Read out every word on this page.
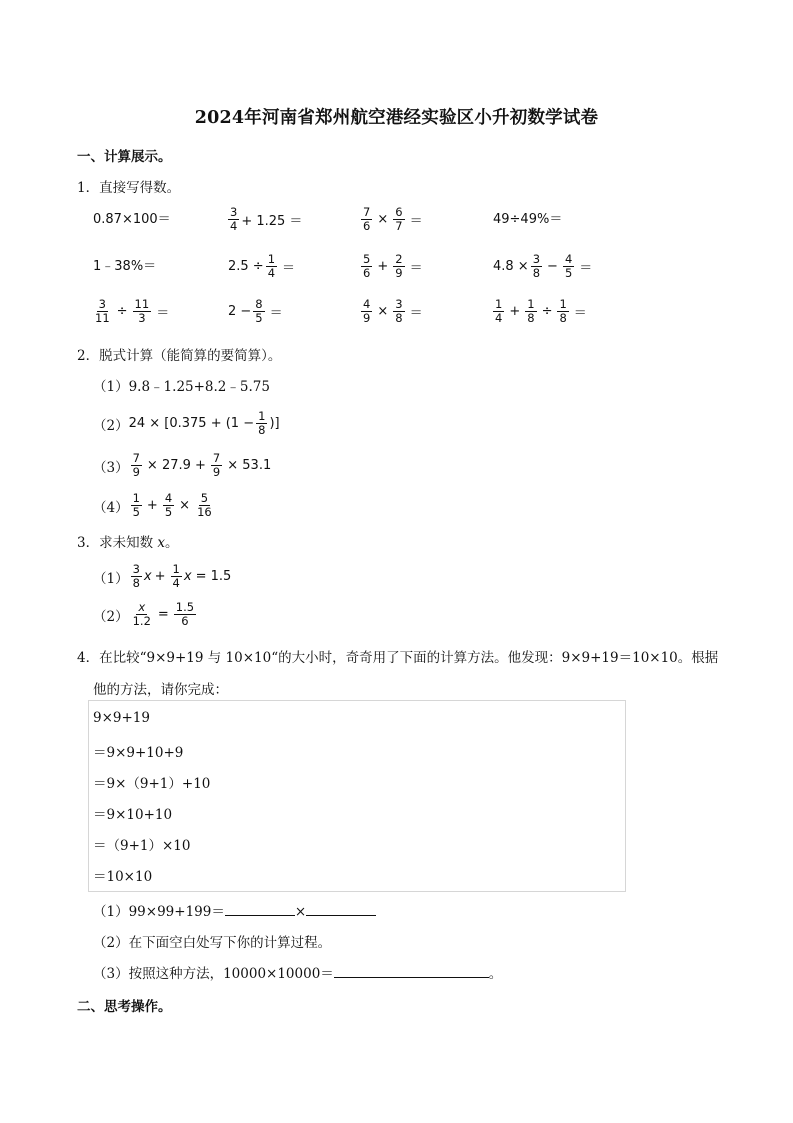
2024年河南省郑州航空港经实验区小升初数学试卷
一、计算展示。
1．直接写得数。
0.87×100＝	$\frac{3}{4} + 1.25$ ＝	$\frac{7}{6} \times \frac{6}{7}$ ＝	49÷49%＝
1﹣38%＝	$2.5 \div \frac{1}{4}$ ＝	$\frac{5}{6} + \frac{2}{9}$ ＝	$4.8 \times \frac{3}{8} - \frac{4}{5}$ ＝
$\frac{3}{11} \div \frac{11}{3}$ ＝	$2 - \frac{8}{5}$ ＝	$\frac{4}{9} \times \frac{3}{8}$ ＝	$\frac{1}{4} + \frac{1}{8} \div \frac{1}{8}$ ＝
2．脱式计算（能简算的要简算）。
（1）9.8﹣1.25+8.2﹣5.75
（2） $24 \times [0.375 + (1 - \frac{1}{8}$ )]
$(3) \frac{7}{9} \times 27.9 + \frac{7}{9} \times 53.1$
$(4) \frac{1}{5} + \frac{4}{5} \times \frac{5}{16}$
3．求未知数 x。
$(1) \frac{3}{8}$ $x + \frac{1}{4}$ x = 1.5
$(2) \frac{x}{1.2} = \frac{1.5}{6}$
4．在比较“9×9+19 与 10×10“的大小时，奇奇用了下面的计算方法。他发现：9×9+19＝10×10。根据
他的方法，请你完成：
9×9+19
＝9×9+10+9
＝9×（9+1）+10
＝9×10+10
＝（9+1）×10
＝10×10
（1）99×99+199＝	×
（2）在下面空白处写下你的计算过程。
（3）按照这种方法，10000×10000＝	。
二、思考操作。
